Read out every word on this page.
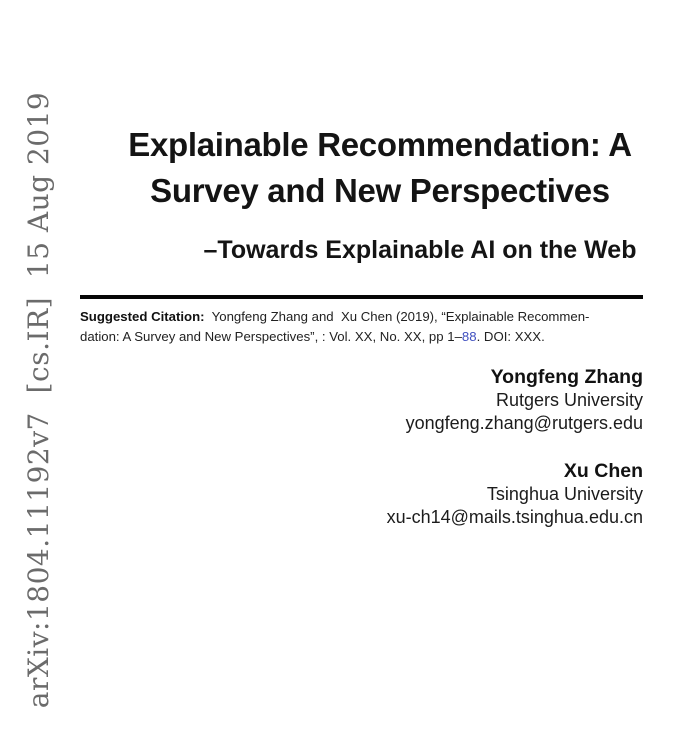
arXiv:1804.11192v7  [cs.IR]  15 Aug 2019	Explainable Recommendation: A
Survey and New Perspectives
–Towards Explainable AI on the Web
Suggested Citation:  Yongfeng Zhang and  Xu Chen (2019), “Explainable Recommen-
dation: A Survey and New Perspectives”, : Vol. XX, No. XX, pp 1–88. DOI: XXX.
Yongfeng Zhang
Rutgers University
yongfeng.zhang@rutgers.edu
Xu Chen
Tsinghua University
xu-ch14@mails.tsinghua.edu.cn
